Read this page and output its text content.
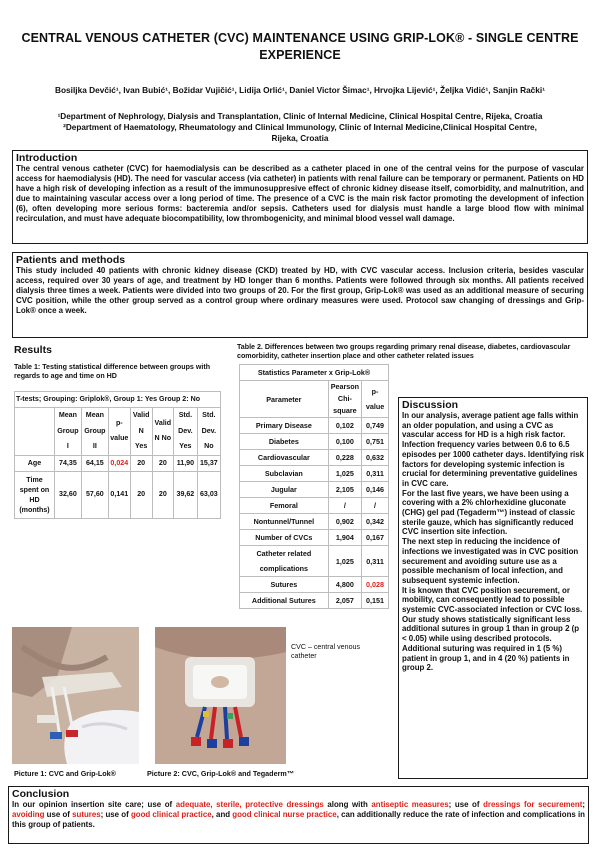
CENTRAL VENOUS CATHETER (CVC) MAINTENANCE USING GRIP-LOK® - SINGLE CENTRE EXPERIENCE
Bosiljka Devčić¹, Ivan Bubić¹, Božidar Vujičić¹, Lidija Orlić¹, Daniel Victor Šimac¹, Hrvojka Lijević¹, Željka Vidić¹, Sanjin Rački¹
¹Department of Nephrology, Dialysis and Transplantation, Clinic of Internal Medicine, Clinical Hospital Centre, Rijeka, Croatia
²Department of Haematology, Rheumatology and Clinical Immunology, Clinic of Internal Medicine,Clinical Hospital Centre,
Rijeka, Croatia
Introduction

The central venous catheter (CVC) for haemodialysis can be described as a catheter placed in one of the central veins for the purpose of vascular access for haemodialysis (HD). The need for vascular access (via catheter) in patients with renal failure can be temporary or permanent. Patients on HD have a high risk of developing infection as a result of the immunosuppresive effect of chronic kidney disease itself, comorbidity, and malnutrition, and due to maintaining vascular access over a long period of time. The presence of a CVC is the main risk factor promoting the development of infection (6), often developing more serious forms: bacteremia and/or sepsis. Catheters used for dialysis must handle a large blood flow with minimal recirculation, and must have adequate biocompatibility, low thrombogenicity, and minimal blood vessel wall damage.

Patients and methods

This study included 40 patients with chronic kidney disease (CKD) treated by HD, with CVC vascular access. Inclusion criteria, besides vascular access, required over 30 years of age, and treatment by HD longer than 6 months. Patients were followed through six months. All patients received dialysis three times a week. Patients were divided into two groups of 20. For the first group, Grip-Lok® was used as an additional measure of securing CVC position, while the other group served as a control group where ordinary measures were used. Protocol saw changing of dressings and Grip-Lok® once a week.

Results
Table 1: Testing statistical difference between groups with regards to age and time on HD
Table 2. Differences between two groups regarding primary renal disease, diabetes, cardiovascular comorbidity, catheter insertion place and other catheter related issues
T-tests; Grouping: Griplok®, Group 1: Yes Group 2: No							
	Mean Group I	Mean Group II	p-value	Valid N Yes	Valid N No	Std. Dev. Yes	Std. Dev. No
Age	74,35	64,15	0,024	20	20	11,90	15,37
Time spent on HD (months)	32,60	57,60	0,141	20	20	39,62	63,03
Statistics Parameter x Grip-Lok®		
Parameter	Pearson Chi-square	p-value
Primary Disease	0,102	0,749
Diabetes	0,100	0,751
Cardiovascular	0,228	0,632
Subclavian	1,025	0,311
Jugular	2,105	0,146
Femoral	/	/
Nontunnel/Tunnel	0,902	0,342
Number of CVCs	1,904	0,167
Catheter related complications	1,025	0,311
Sutures	4,800	0,028
Additional Sutures	2,057	0,151
Discussion

In our analysis, average patient age falls within an older population, and using a CVC as vascular access for HD is a high risk factor. Infection frequency varies between 0.6 to 6.5 episodes per 1000 catheter days. Identifying risk factors for developing systemic infection is crucial for determining preventative guidelines in CVC care.

For the last five years, we have been using a covering with a 2% chlorhexidine gluconate (CHG) gel pad (Tegaderm™) instead of classic sterile gauze, which has significantly reduced CVC insertion site infection.

The next step in reducing the incidence of infections we investigated was in CVC position securement and avoiding suture use as a possible mechanism of local infection, and subsequent systemic infection.

It is known that CVC position securement, or mobility, can consequently lead to possible systemic CVC-associated infection or CVC loss. Our study shows statistically significant less additional sutures in group 1 than in group 2 (p < 0.05) while using described protocols. Additional suturing was required in 1 (5 %) patient in group 1, and in 4 (20 %) patients in group 2.

Picture 1: CVC and Grip-Lok®	Picture 2: CVC, Grip-Lok® and Tegaderm™
CVC – central venous catheter
Conclusion

In our opinion insertion site care; use of adequate, sterile, protective dressings along with antiseptic measures; use of dressings for securement; avoiding use of sutures; use of good clinical practice, and good clinical nurse practice, can additionally reduce the rate of infection and complications in this group of patients.
